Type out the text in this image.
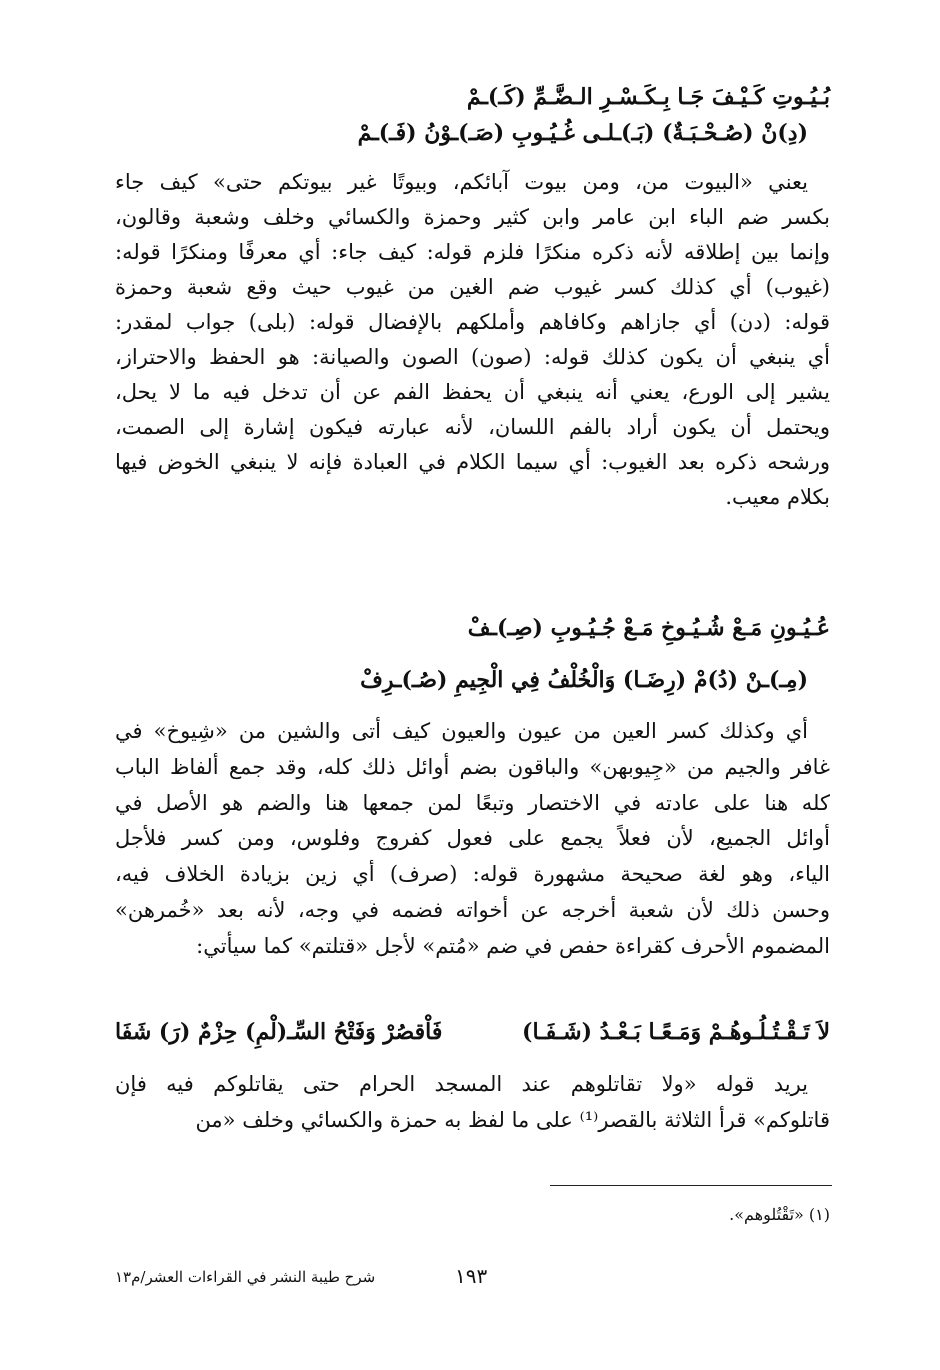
بُـيُـوتِ كَـيْـفَ جَـا بِـكَـسْـرِ الـضَّـمِّ (كَـ)ـمْ
(دِ)نْ (صُـحْـبَـةٌ) (بَـ)ـلـى غُـيُـوبِ (صَـ)ـوْنُ (فَـ)ـمْ
يعني «البيوت من، ومن بيوت آبائكم، وبيوتًا غير بيوتكم حتى» كيف جاء
بكسر ضم الباء ابن عامر وابن كثير وحمزة والكسائي وخلف وشعبة وقالون،
وإنما بين إطلاقه لأنه ذكره منكرًا فلزم قوله: كيف جاء: أي معرفًا ومنكرًا قوله:
(غيوب) أي كذلك كسر غيوب ضم الغين من غيوب حيث وقع شعبة وحمزة
قوله: (دن) أي جازاهم وكافاهم وأملكهم بالإفضال قوله: (بلى) جواب لمقدر:
أي ينبغي أن يكون كذلك قوله: (صون) الصون والصيانة: هو الحفظ والاحتراز،
يشير إلى الورع، يعني أنه ينبغي أن يحفظ الفم عن أن تدخل فيه ما لا يحل،
ويحتمل أن يكون أراد بالفم اللسان، لأنه عبارته فيكون إشارة إلى الصمت،
ورشحه ذكره بعد الغيوب: أي سيما الكلام في العبادة فإنه لا ينبغي الخوض فيها
بكلام معيب.
عُـيُـونِ مَـعْ شُـيُـوخِ مَـعْ جُـيُـوبِ (صِـ)ـفْ
(مِـ)ـنْ (دُ)مْ (رِضَـا) وَالْخُلْفُ فِي الْجِيمِ (صُـ)ـرِفْ
أي وكذلك كسر العين من عيون والعيون كيف أتى والشين من «شِيوخ» في
غافر والجيم من «جِيوبهن» والباقون بضم أوائل ذلك كله، وقد جمع ألفاظ الباب
كله هنا على عادته في الاختصار وتبعًا لمن جمعها هنا والضم هو الأصل في
أوائل الجميع، لأن فعلاً يجمع على فعول كفروج وفلوس، ومن كسر فلأجل
الياء، وهو لغة صحيحة مشهورة قوله: (صرف) أي زين بزيادة الخلاف فيه،
وحسن ذلك لأن شعبة أخرجه عن أخواته فضمه في وجه، لأنه بعد «خُمرهن»
المضموم الأحرف كقراءة حفص في ضم «مُتم» لأجل «قتلتم» كما سيأتي:
لاَ تَـقْـتُـلُـوهُـمْ وَمَـعًـا بَـعْـدُ (شَـفَـا)
فَاْقصُرْ وَفَتْحُ السِّـ(لْمِ) حِزْمٌ (رَ) شَفَا
يريد قوله «ولا تقاتلوهم عند المسجد الحرام حتى يقاتلوكم فيه فإن
قاتلوكم» قرأ الثلاثة بالقصر⁽¹⁾ على ما لفظ به حمزة والكسائي وخلف «من
(١) «تَقْتُلوهم».
١٩٣
شرح طيبة النشر في القراءات العشر/م١٣
